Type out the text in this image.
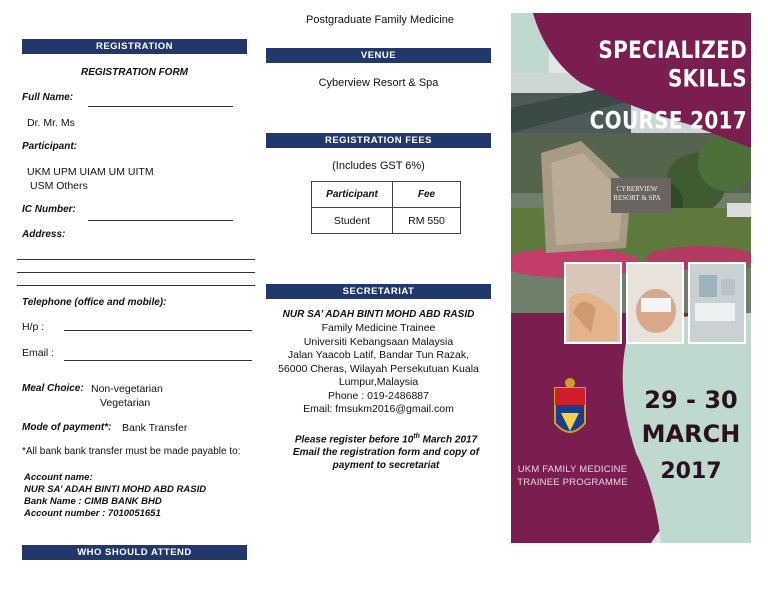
REGISTRATION
REGISTRATION FORM
Full Name:
Dr. Mr. Ms
Participant:
UKM UPM UIAM UM UITM
USM Others
IC Number:
Address:
Telephone (office and mobile):
H/p :
Email :
Meal Choice: Non-vegetarian
Vegetarian
Mode of payment*: Bank Transfer
*All bank bank transfer must be made payable to:
Account name:
NUR SA’ ADAH BINTI MOHD ABD RASID
Bank Name : CIMB BANK BHD
Account number : 7010051651
WHO SHOULD ATTEND
Postgraduate Family Medicine
VENUE
Cyberview Resort & Spa
REGISTRATION FEES
(Includes GST 6%)
Participant	Fee
Student	RM 550
SECRETARIAT
NUR SA’ ADAH BINTI MOHD ABD RASID
Family Medicine Trainee
Universiti Kebangsaan Malaysia
Jalan Yaacob Latif, Bandar Tun Razak,
56000 Cheras, Wilayah Persekutuan Kuala
Lumpur,Malaysia
Phone : 019-2486887
Email: fmsukm2016@gmail.com
Please register before 10th March 2017
Email the registration form and copy of
payment to secretariat
SPECIALIZED SKILLS
COURSE 2017
CYBERVIEW
RESORT & SPA
29 - 30
MARCH
2017
UKM FAMILY MEDICINE
TRAINEE PROGRAMME
